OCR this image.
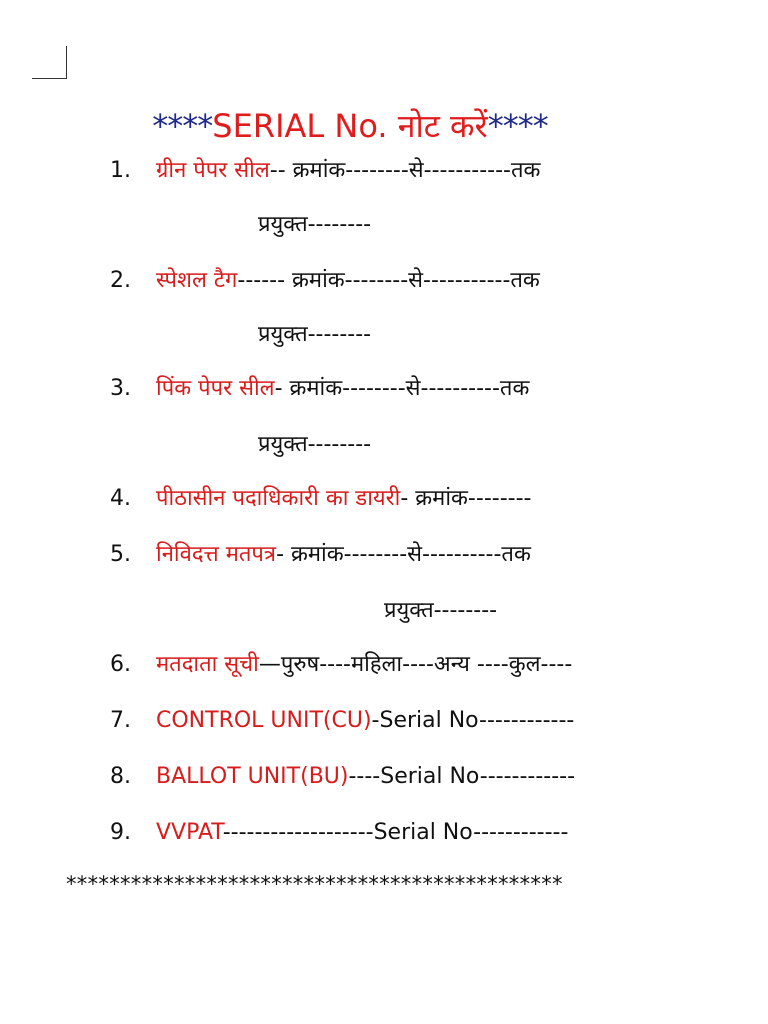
****SERIAL No. नोट करें****
1. ग्रीन पेपर सील-- क्रमांक--------से-----------तक
प्रयुक्त--------
2. स्पेशल टैग------ क्रमांक--------से-----------तक
प्रयुक्त--------
3. पिंक पेपर सील- क्रमांक--------से----------तक
प्रयुक्त--------
4. पीठासीन पदाधिकारी का डायरी- क्रमांक--------
5. निविदत्त मतपत्र- क्रमांक--------से----------तक
प्रयुक्त--------
6. मतदाता सूची—पुरुष----महिला----अन्य ----कुल----
7. CONTROL UNIT(CU)-Serial No------------
8. BALLOT UNIT(BU)----Serial No------------
9. VVPAT-------------------Serial No------------
**********************************************
